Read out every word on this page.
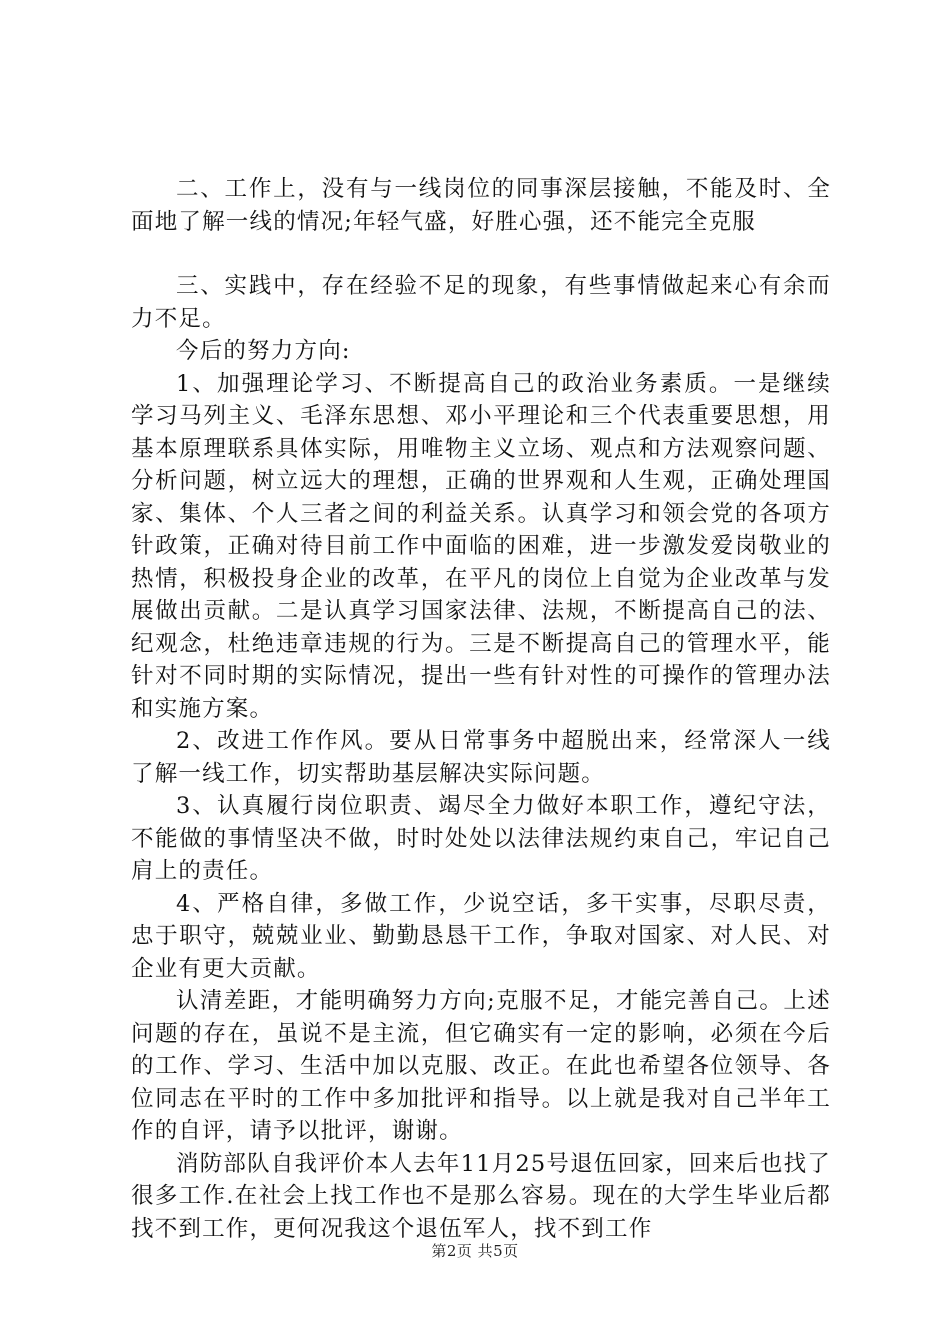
二、工作上，没有与一线岗位的同事深层接触，不能及时、全面地了解一线的情况;年轻气盛，好胜心强，还不能完全克服

三、实践中，存在经验不足的现象，有些事情做起来心有余而力不足。

今后的努力方向:

1、加强理论学习、不断提高自己的政治业务素质。一是继续学习马列主义、毛泽东思想、邓小平理论和三个代表重要思想，用基本原理联系具体实际，用唯物主义立场、观点和方法观察问题、分析问题，树立远大的理想，正确的世界观和人生观，正确处理国家、集体、个人三者之间的利益关系。认真学习和领会党的各项方针政策，正确对待目前工作中面临的困难，进一步激发爱岗敬业的热情，积极投身企业的改革，在平凡的岗位上自觉为企业改革与发展做出贡献。二是认真学习国家法律、法规，不断提高自己的法、纪观念，杜绝违章违规的行为。三是不断提高自己的管理水平，能针对不同时期的实际情况，提出一些有针对性的可操作的管理办法和实施方案。

2、改进工作作风。要从日常事务中超脱出来，经常深人一线了解一线工作，切实帮助基层解决实际问题。

3、认真履行岗位职责、竭尽全力做好本职工作，遵纪守法，不能做的事情坚决不做，时时处处以法律法规约束自己，牢记自己肩上的责任。

4、严格自律，多做工作，少说空话，多干实事，尽职尽责，忠于职守，兢兢业业、勤勤恳恳干工作，争取对国家、对人民、对企业有更大贡献。

认清差距，才能明确努力方向;克服不足，才能完善自己。上述问题的存在，虽说不是主流，但它确实有一定的影响，必须在今后的工作、学习、生活中加以克服、改正。在此也希望各位领导、各位同志在平时的工作中多加批评和指导。以上就是我对自己半年工作的自评，请予以批评，谢谢。

消防部队自我评价本人去年11月25号退伍回家，回来后也找了很多工作.在社会上找工作也不是那么容易。现在的大学生毕业后都找不到工作，更何况我这个退伍军人，找不到工作

第2页 共5页
